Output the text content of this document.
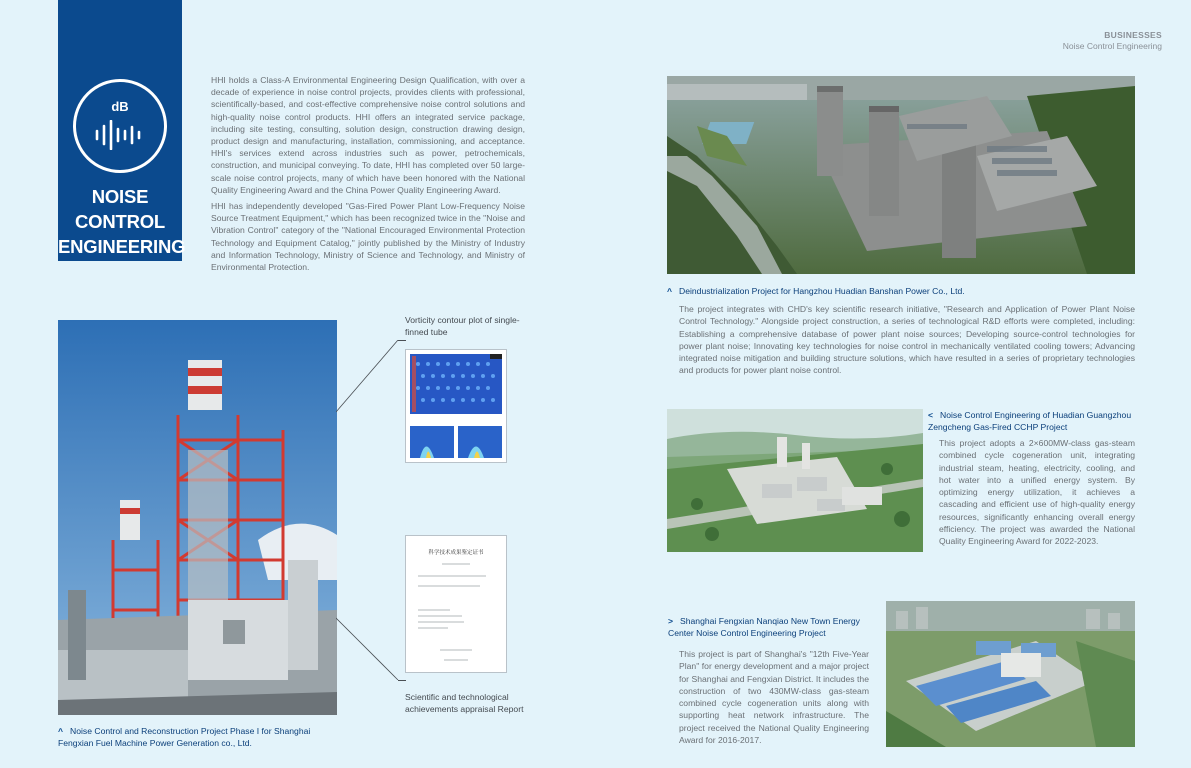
BUSINESSES
Noise Control Engineering
dB
NOISE
CONTROL
ENGINEERING

HHI holds a Class-A Environmental Engineering Design Qualification, with over a decade of experience in noise control projects, provides clients with professional, scientifically-based, and cost-effective comprehensive noise control solutions and high-quality noise control products. HHI offers an integrated service package, including site testing, consulting, solution design, construction drawing design, product design and manufacturing, installation, commissioning, and acceptance. HHI's services extend across industries such as power, petrochemicals, construction, and municipal conveying. To date, HHI has completed over 50 large-scale noise control projects, many of which have been honored with the National Quality Engineering Award and the China Power Quality Engineering Award.

HHI has independently developed "Gas-Fired Power Plant Low-Frequency Noise Source Treatment Equipment," which has been recognized twice in the "Noise and Vibration Control" category of the "National Encouraged Environmental Protection Technology and Equipment Catalog," jointly published by the Ministry of Industry and Information Technology, Ministry of Science and Technology, and Ministry of Environmental Protection.

^ Deindustrialization Project for Hangzhou Huadian Banshan Power Co., Ltd.
The project integrates with CHD's key scientific research initiative, "Research and Application of Power Plant Noise Control Technology." Alongside project construction, a series of technological R&D efforts were completed, including: Establishing a comprehensive database of power plant noise sources; Developing source-control technologies for power plant noise; Innovating key technologies for noise control in mechanically ventilated cooling towers; Advancing integrated noise mitigation and building structure solutions, which have resulted in a series of proprietary technologies and products for power plant noise control.
< Noise Control Engineering of Huadian Guangzhou Zengcheng Gas-Fired CCHP Project
This project adopts a 2×600MW-class gas-steam combined cycle cogeneration unit, integrating industrial steam, heating, electricity, cooling, and hot water into a unified energy system. By optimizing energy utilization, it achieves a cascading and efficient use of high-quality energy resources, significantly enhancing overall energy efficiency. The project was awarded the National Quality Engineering Award for 2022-2023.
> Shanghai Fengxian Nanqiao New Town Energy Center Noise Control Engineering Project
This project is part of Shanghai's "12th Five-Year Plan" for energy development and a major project for Shanghai and Fengxian District. It includes the construction of two 430MW-class gas-steam combined cycle cogeneration units along with supporting heat network infrastructure. The project received the National Quality Engineering Award for 2016-2017.
^ Noise Control and Reconstruction Project Phase I for Shanghai Fengxian Fuel Machine Power Generation co., Ltd.
Vorticity contour plot of single-finned tube
科学技术成果鉴定证书
Scientific and technological achievements appraisal Report
